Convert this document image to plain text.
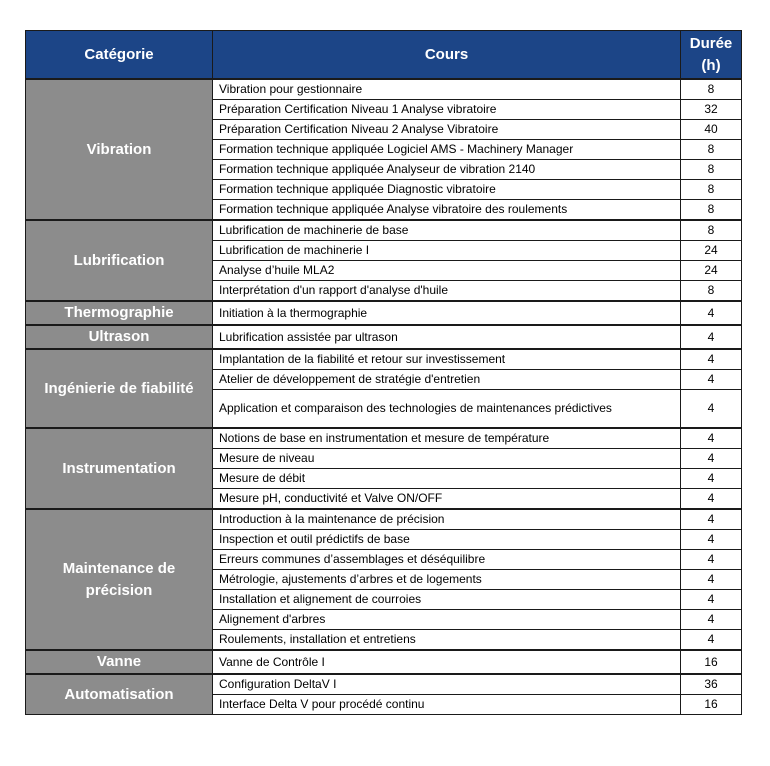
Catégorie	Cours	Durée
(h)
Vibration	Vibration pour gestionnaire	8
	Préparation Certification Niveau 1 Analyse vibratoire	32
	Préparation Certification Niveau 2 Analyse Vibratoire	40
	Formation technique appliquée Logiciel AMS - Machinery Manager	8
	Formation technique appliquée Analyseur de vibration 2140	8
	Formation technique appliquée Diagnostic vibratoire	8
	Formation technique appliquée Analyse vibratoire des roulements	8
Lubrification	Lubrification de machinerie de base	8
	Lubrification de machinerie I	24
	Analyse d’huile MLA2	24
	Interprétation d'un rapport d'analyse d'huile	8
Thermographie	Initiation à la thermographie	4
Ultrason	Lubrification assistée par ultrason	4
Ingénierie de fiabilité	Implantation de la fiabilité et retour sur investissement	4
	Atelier de développement de stratégie d'entretien	4
	Application et comparaison des technologies de maintenances prédictives	4
Instrumentation	Notions de base en instrumentation et mesure de température	4
	Mesure de niveau	4
	Mesure de débit	4
	Mesure pH, conductivité et Valve ON/OFF	4
Maintenance de précision	Introduction à la maintenance de précision	4
	Inspection et outil prédictifs de base	4
	Erreurs communes d’assemblages et déséquilibre	4
	Métrologie, ajustements d’arbres et de logements	4
	Installation et alignement de courroies	4
	Alignement d'arbres	4
	Roulements, installation et entretiens	4
Vanne	Vanne de Contrôle I	16
Automatisation	Configuration DeltaV I	36
	Interface Delta V pour procédé continu	16
